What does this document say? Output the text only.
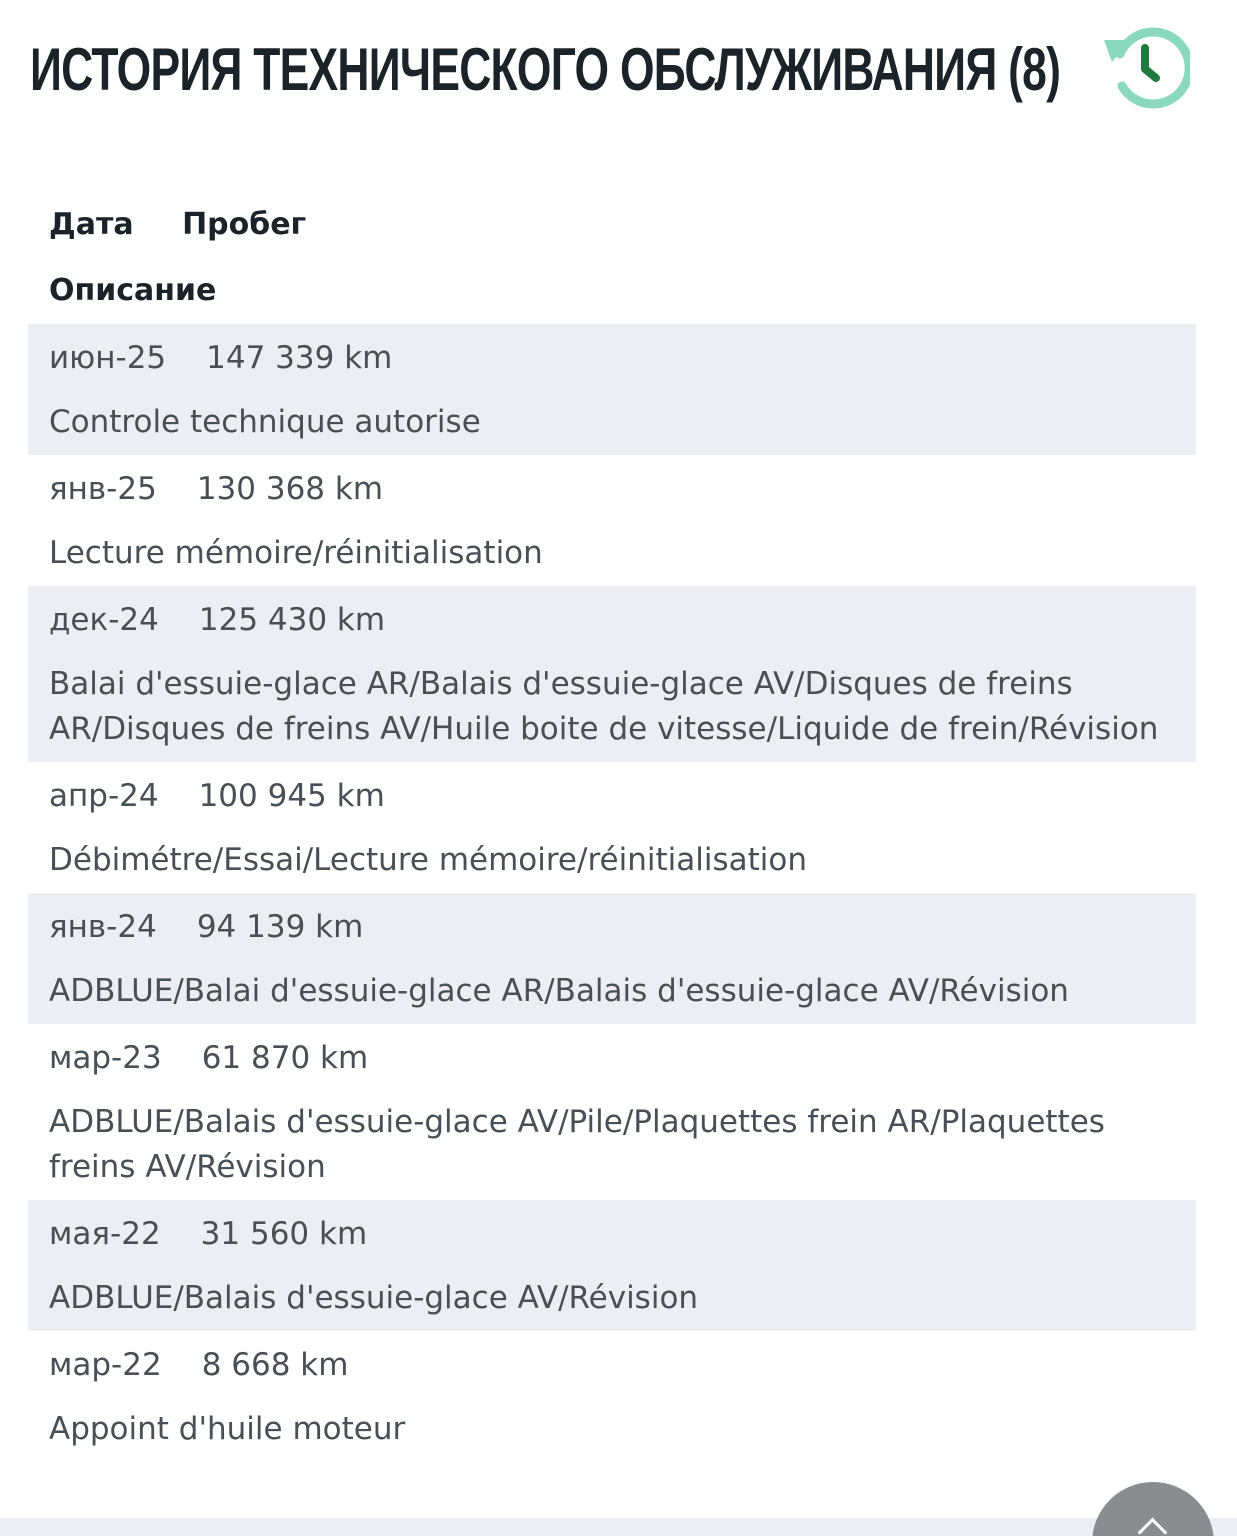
ИСТОРИЯ ТЕХНИЧЕСКОГО ОБСЛУЖИВАНИЯ (8)
Дата Пробег
Описание
июн-25 147 339 km
Controle technique autorise
янв-25 130 368 km
Lecture mémoire/réinitialisation
дек-24 125 430 km
Balai d'essuie-glace AR/Balais d'essuie-glace AV/Disques de freins AR/Disques de freins AV/Huile boite de vitesse/Liquide de frein/Révision
апр-24 100 945 km
Débimétre/Essai/Lecture mémoire/réinitialisation
янв-24 94 139 km
ADBLUE/Balai d'essuie-glace AR/Balais d'essuie-glace AV/Révision
мар-23 61 870 km
ADBLUE/Balais d'essuie-glace AV/Pile/Plaquettes frein AR/Plaquettes freins AV/Révision
мая-22 31 560 km
ADBLUE/Balais d'essuie-glace AV/Révision
мар-22 8 668 km
Appoint d'huile moteur
